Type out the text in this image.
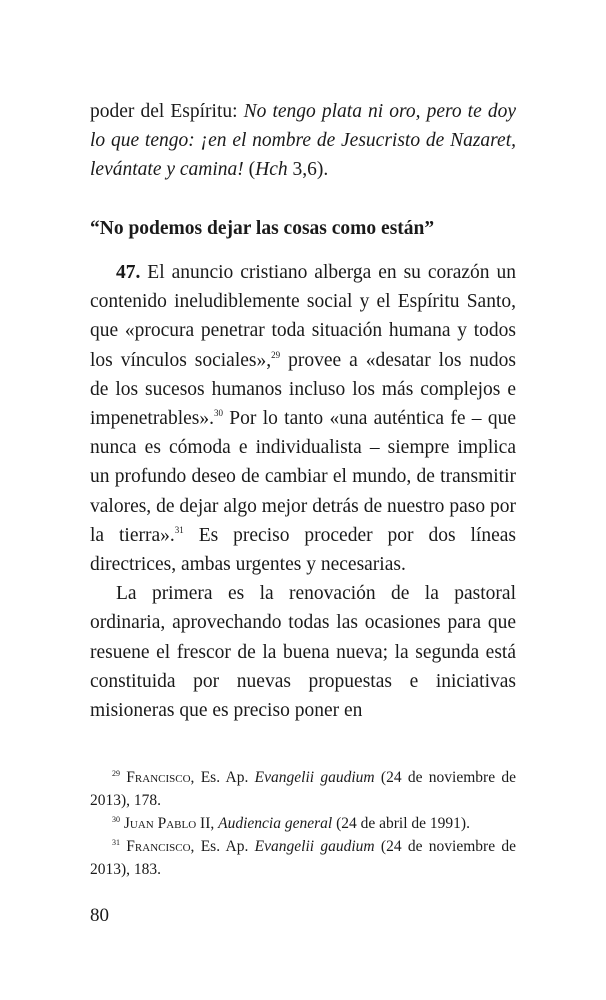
poder del Espíritu: No tengo plata ni oro, pero te doy lo que tengo: ¡en el nombre de Jesucristo de Nazaret, levántate y camina! (Hch 3,6).

“No podemos dejar las cosas como están”

47. El anuncio cristiano alberga en su corazón un contenido ineludiblemente social y el Espíritu Santo, que «procura penetrar toda situación humana y todos los vínculos sociales»,$^{29}$ provee a «desatar los nudos de los sucesos humanos incluso los más complejos e impenetrables».$^{30}$ Por lo tanto «una auténtica fe – que nunca es cómoda e individualista – siempre implica un profundo deseo de cambiar el mundo, de transmitir valores, de dejar algo mejor detrás de nuestro paso por la tierra».$^{31}$ Es preciso proceder por dos líneas directrices, ambas urgentes y necesarias.

La primera es la renovación de la pastoral ordinaria, aprovechando todas las ocasiones para que resuene el frescor de la buena nueva; la segunda está constituida por nuevas propuestas e iniciativas misioneras que es preciso poner en

$^{29}$ Francisco, Es. Ap. Evangelii gaudium (24 de noviembre de 2013), 178.

$^{30}$ Juan Pablo II, Audiencia general (24 de abril de 1991).

$^{31}$ Francisco, Es. Ap. Evangelii gaudium (24 de noviembre de 2013), 183.

80
